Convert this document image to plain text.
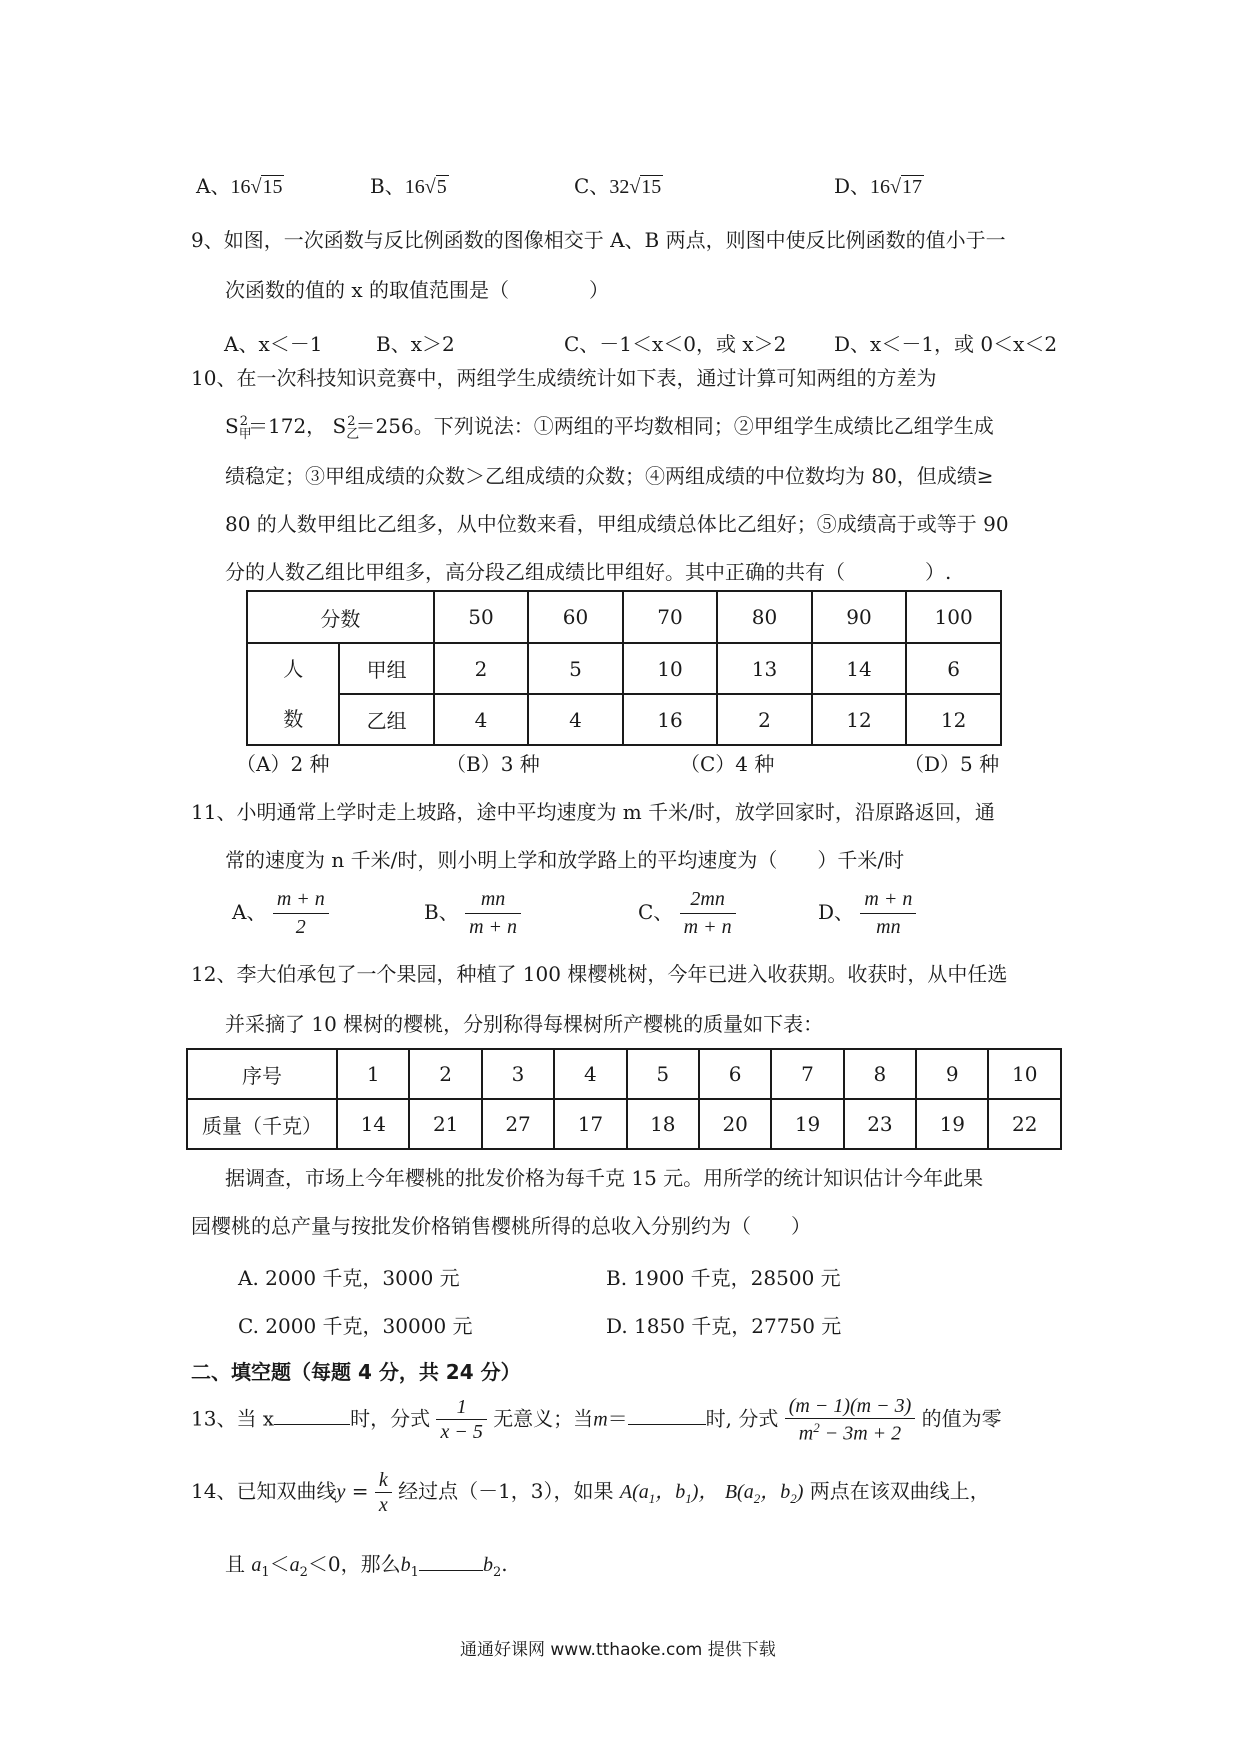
A、16√15	B、16√5	C、32√15	D、16√17
9、如图，一次函数与反比例函数的图像相交于 A、B 两点，则图中使反比例函数的值小于一
次函数的值的 x 的取值范围是（　　　　）
A、x＜－1	B、x＞2	C、－1＜x＜0，或 x＞2 D、x＜－1，或 0＜x＜2
10、在一次科技知识竞赛中，两组学生成绩统计如下表，通过计算可知两组的方差为
$S_甲^2=172$， $S_乙^2=256$。下列说法：①两组的平均数相同；②甲组学生成绩比乙组学生成
绩稳定；③甲组成绩的众数＞乙组成绩的众数；④两组成绩的中位数均为 80，但成绩≥
80 的人数甲组比乙组多，从中位数来看，甲组成绩总体比乙组好；⑤成绩高于或等于 90
分的人数乙组比甲组多，高分段乙组成绩比甲组好。其中正确的共有（　　　　）.
分数		50	60	70	80	90	100

人
数	甲组	2	5	10	13	14	6
	乙组	4	4	16	2	12	12
（A）2 种	（B）3 种	（C）4 种	（D）5 种
11、小明通常上学时走上坡路，途中平均速度为 m 千米/时，放学回家时，沿原路返回，通
常的速度为 n 千米/时，则小明上学和放学路上的平均速度为（　　）千米/时
A、 $\frac{m + n}{2}$	B、 $\frac{mn}{m + n}$	C、 $\frac{2mn}{m + n}$	D、 $\frac{m + n}{mn}$
12、李大伯承包了一个果园，种植了 100 棵樱桃树，今年已进入收获期。收获时，从中任选
并采摘了 10 棵树的樱桃，分别称得每棵树所产樱桃的质量如下表：
序号	1	2	3	4	5	6	7	8	9	10
质量（千克）	14	21	27	17	18	20	19	23	19	22
据调查，市场上今年樱桃的批发价格为每千克 15 元。用所学的统计知识估计今年此果
园樱桃的总产量与按批发价格销售樱桃所得的总收入分别约为（　　）
A. 2000 千克，3000 元	B. 1900 千克，28500 元
C. 2000 千克，30000 元	D. 1850 千克，27750 元
二、填空题（每题 4 分，共 24 分）
13、当 x	时，分式 $\frac{1}{x - 5}$ 无意义；当m＝	时, 分式 $\frac{(m - 1)(m - 3)}{m^2 - 3m + 2}$ 的值为零
14、已知双曲线$y = \frac{k}{x}$ 经过点（－1，3），如果 $A(a_1$，$b_1$)， $B(a_2$，$b_2$) 两点在该双曲线上，
且 $a_1<a_2<0$，那么$b_1$	$b_2$.
通通好课网 www.tthaoke.com 提供下载
